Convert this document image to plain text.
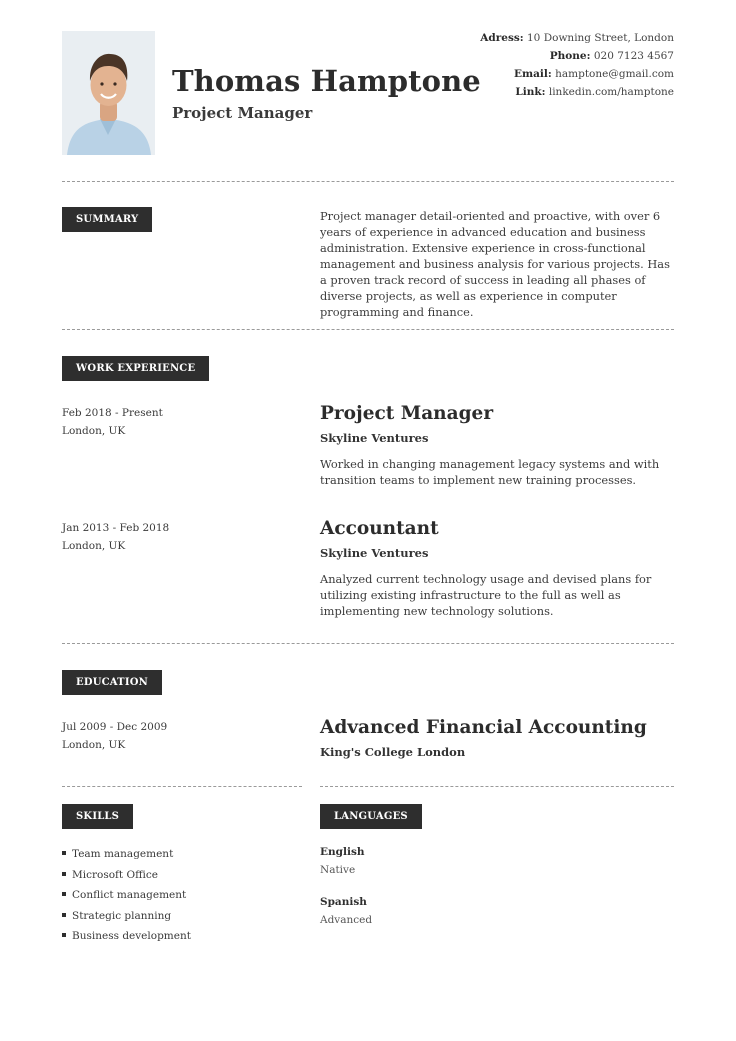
Thomas Hamptone
Project Manager
Adress: 10 Downing Street, London
Phone: 020 7123 4567
Email: hamptone@gmail.com
Link: linkedin.com/hamptone
SUMMARY	Project manager detail-oriented and proactive, with over 6 years of experience in advanced education and business administration. Extensive experience in cross-functional management and business analysis for various projects. Has a proven track record of success in leading all phases of diverse projects, as well as experience in computer programming and finance.
WORK EXPERIENCE
Feb 2018 - Present
London, UK
Project Manager
Skyline Ventures
Worked in changing management legacy systems and with transition teams to implement new training processes.
Jan 2013 - Feb 2018
London, UK
Accountant
Skyline Ventures
Analyzed current technology usage and devised plans for utilizing existing infrastructure to the full as well as implementing new technology solutions.
EDUCATION
Jul 2009 - Dec 2009
London, UK
Advanced Financial Accounting
King's College London
SKILLS
Team management
Microsoft Office
Conflict management
Strategic planning
Business development
LANGUAGES
English
Native
Spanish
Advanced
